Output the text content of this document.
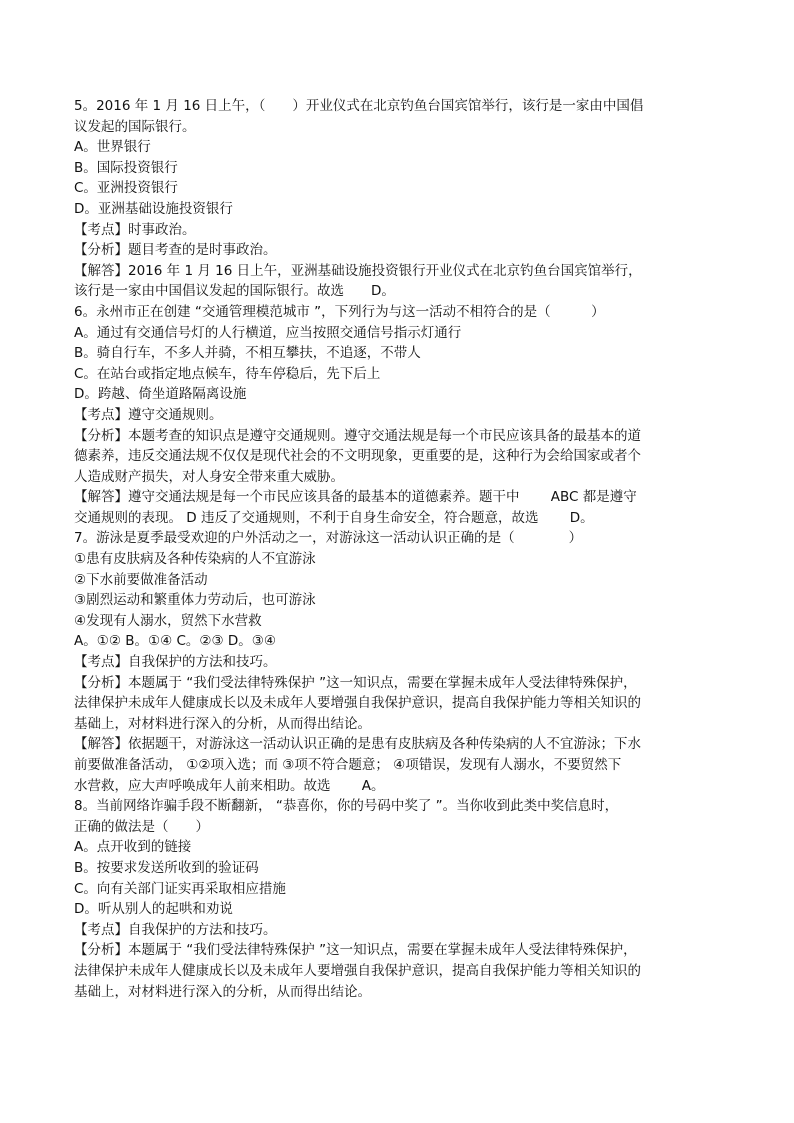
5。2016 年 1 月 16 日上午，（　　）开业仪式在北京钓鱼台国宾馆举行，该行是一家由中国倡
议发起的国际银行。
A。世界银行
B。国际投资银行
C。亚洲投资银行
D。亚洲基础设施投资银行
【考点】时事政治。
【分析】题目考查的是时事政治。
【解答】2016 年 1 月 16 日上午，亚洲基础设施投资银行开业仪式在北京钓鱼台国宾馆举行，
该行是一家由中国倡议发起的国际银行。故选　　D。
6。永州市正在创建 “交通管理模范城市 ”，下列行为与这一活动不相符合的是（　　　）
A。通过有交通信号灯的人行横道，应当按照交通信号指示灯通行
B。骑自行车，不多人并骑，不相互攀扶，不追逐，不带人
C。在站台或指定地点候车，待车停稳后，先下后上
D。跨越、倚坐道路隔离设施
【考点】遵守交通规则。
【分析】本题考查的知识点是遵守交通规则。遵守交通法规是每一个市民应该具备的最基本的道
德素养，违反交通法规不仅仅是现代社会的不文明现象，更重要的是，这种行为会给国家或者个
人造成财产损失，对人身安全带来重大威胁。
【解答】遵守交通法规是每一个市民应该具备的最基本的道德素养。题干中　　 ABC 都是遵守
交通规则的表现。 D 违反了交通规则，不利于自身生命安全，符合题意，故选　　 D。
7。游泳是夏季最受欢迎的户外活动之一，对游泳这一活动认识正确的是（　　　　）
①患有皮肤病及各种传染病的人不宜游泳
②下水前要做准备活动
③剧烈运动和繁重体力劳动后，也可游泳
④发现有人溺水，贸然下水营救
A。①② B。①④ C。②③ D。③④
【考点】自我保护的方法和技巧。
【分析】本题属于 “我们受法律特殊保护 ”这一知识点，需要在掌握未成年人受法律特殊保护，
法律保护未成年人健康成长以及未成年人要增强自我保护意识，提高自我保护能力等相关知识的
基础上，对材料进行深入的分析，从而得出结论。
【解答】依据题干，对游泳这一活动认识正确的是患有皮肤病及各种传染病的人不宜游泳；下水
前要做准备活动， ①②项入选；而 ③项不符合题意； ④项错误，发现有人溺水，不要贸然下
水营救，应大声呼唤成年人前来相助。故选　　 A。
8。当前网络诈骗手段不断翻新， “恭喜你，你的号码中奖了 ”。当你收到此类中奖信息时，
正确的做法是（　　）
A。点开收到的链接
B。按要求发送所收到的验证码
C。向有关部门证实再采取相应措施
D。听从别人的起哄和劝说
【考点】自我保护的方法和技巧。
【分析】本题属于 “我们受法律特殊保护 ”这一知识点，需要在掌握未成年人受法律特殊保护，
法律保护未成年人健康成长以及未成年人要增强自我保护意识，提高自我保护能力等相关知识的
基础上，对材料进行深入的分析，从而得出结论。
